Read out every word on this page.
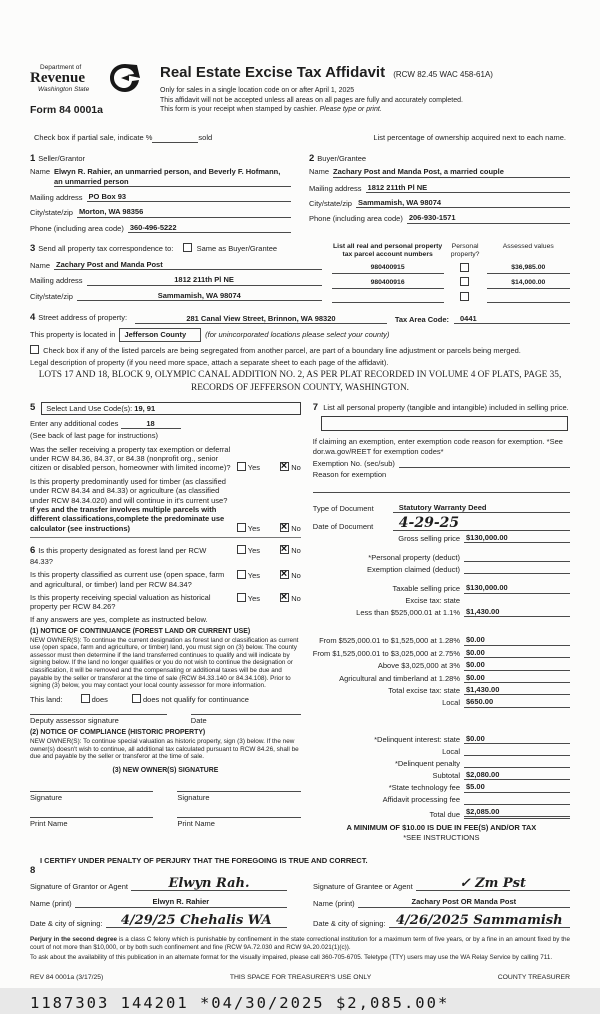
Department of
Revenue
Washington State
Form 84 0001a
Real Estate Excise Tax Affidavit (RCW 82.45 WAC 458-61A)
Only for sales in a single location code on or after April 1, 2025
This affidavit will not be accepted unless all areas on all pages are fully and accurately completed.
This form is your receipt when stamped by cashier. Please type or print.
Check box if partial sale, indicate %	sold	List percentage of ownership acquired next to each name.
1 Seller/Grantor
Name Elwyn R. Rahier, an unmarried person, and Beverly F. Hofmann, an unmarried person
Mailing address PO Box 93
City/state/zip Morton, WA 98356
Phone (including area code) 360-496-5222
2 Buyer/Grantee
Name Zachary Post and Manda Post, a married couple
Mailing address 1812 211th Pl NE
City/state/zip Sammamish, WA 98074
Phone (including area code) 206-930-1571
3 Send all property tax correspondence to:	Same as Buyer/Grantee
Name Zachary Post and Manda Post
Mailing address	1812 211th Pl NE
City/state/zip	Sammamish, WA 98074
List all real and personal property tax parcel account numbers
Personal property?
Assessed values
980400915	$36,985.00
980400916	$14,000.00

4 Street address of property:	281 Canal View Street, Brinnon, WA 98320	Tax Area Code:	0441
This property is located in	Jefferson County	(for unincorporated locations please select your county)
Check box if any of the listed parcels are being segregated from another parcel, are part of a boundary line adjustment or parcels being merged.
Legal description of property (if you need more space, attach a separate sheet to each page of the affidavit).
LOTS 17 AND 18, BLOCK 9, OLYMPIC CANAL ADDITION NO. 2, AS PER PLAT RECORDED IN VOLUME 4 OF PLATS, PAGE 35, RECORDS OF JEFFERSON COUNTY, WASHINGTON.
5	Select Land Use Code(s): 19, 91
Enter any additional codes	18
(See back of last page for instructions)
Was the seller receiving a property tax exemption or deferral under RCW 84.36, 84.37, or 84.38 (nonprofit org., senior citizen or disabled person, homeowner with limited income)?	Yes ×	No
Is this property predominantly used for timber (as classified under RCW 84.34 and 84.33) or agriculture (as classified under RCW 84.34.020) and will continue in it's current use? If yes and the transfer involves multiple parcels with different classifications,complete the predominate use calculator (see instructions)	Yes ×	No
6 Is this property designated as forest land per RCW 84.33?
Yes ×	No
Is this property classified as current use (open space, farm and agricultural, or timber) land per RCW 84.34?
Yes ×	No
Is this property receiving special valuation as historical property per RCW 84.26?
Yes ×	No
If any answers are yes, complete as instructed below.
(1) NOTICE OF CONTINUANCE (FOREST LAND OR CURRENT USE)
NEW OWNER(S): To continue the current designation as forest land or classification as current use (open space, farm and agriculture, or timber) land, you must sign on (3) below. The county assessor must then determine if the land transferred continues to qualify and will indicate by signing below. If the land no longer qualifies or you do not wish to continue the designation or classification, it will be removed and the compensating or additional taxes will be due and payable by the seller or transferor at the time of sale (RCW 84.33.140 or 84.34.108). Prior to signing (3) below, you may contact your local county assessor for more information.
This land:	does	does not qualify for continuance
Deputy assessor signature	Date
(2) NOTICE OF COMPLIANCE (HISTORIC PROPERTY)
NEW OWNER(S): To continue special valuation as historic property, sign (3) below. If the new owner(s) doesn't wish to continue, all additional tax calculated pursuant to RCW 84.26, shall be due and payable by the seller or transferor at the time of sale.
(3) NEW OWNER(S) SIGNATURE
Signature	Signature
Print Name	Print Name
7 List all personal property (tangible and intangible) included in selling price.
If claiming an exemption, enter exemption code reason for exemption. *See dor.wa.gov/REET for exemption codes*
Exemption No. (sec/sub)
Reason for exemption
Type of Document	Statutory Warranty Deed
Date of Document	4-29-25
Gross selling price $130,000.00
*Personal property (deduct)
Exemption claimed (deduct)
Taxable selling price $130,000.00
Excise tax: state
Less than $525,000.01 at 1.1% $1,430.00
From $525,000.01 to $1,525,000 at 1.28% $0.00
From $1,525,000.01 to $3,025,000 at 2.75% $0.00
Above $3,025,000 at 3% $0.00
Agricultural and timberland at 1.28% $0.00
Total excise tax: state $1,430.00
Local $650.00
*Delinquent interest: state $0.00
Local
*Delinquent penalty
Subtotal $2,080.00
*State technology fee $5.00
Affidavit processing fee
Total due $2,085.00
A MINIMUM OF $10.00 IS DUE IN FEE(S) AND/OR TAX
*SEE INSTRUCTIONS
I CERTIFY UNDER PENALTY OF PERJURY THAT THE FOREGOING IS TRUE AND CORRECT.
8
Signature of Grantor or Agent	Elwyn Rah.
Name (print)	Elwyn R. Rahier
Date & city of signing:	4/29/25 Chehalis WA
Signature of Grantee or Agent	✓ Zm Pst
Name (print)	Zachary Post OR Manda Post
Date & city of signing: 4/26/2025 Sammamish
Perjury in the second degree is a class C felony which is punishable by confinement in the state correctional institution for a maximum term of five years, or by a fine in an amount fixed by the court of not more than $10,000, or by both such confinement and fine (RCW 9A.72.030 and RCW 9A.20.021(1)(c)).
To ask about the availability of this publication in an alternate format for the visually impaired, please call 360-705-6705. Teletype (TTY) users may use the WA Relay Service by calling 711.
REV 84 0001a (3/17/25)	THIS SPACE FOR TREASURER'S USE ONLY	COUNTY TREASURER
1187303 144201 *04/30/2025 $2,085.00*
